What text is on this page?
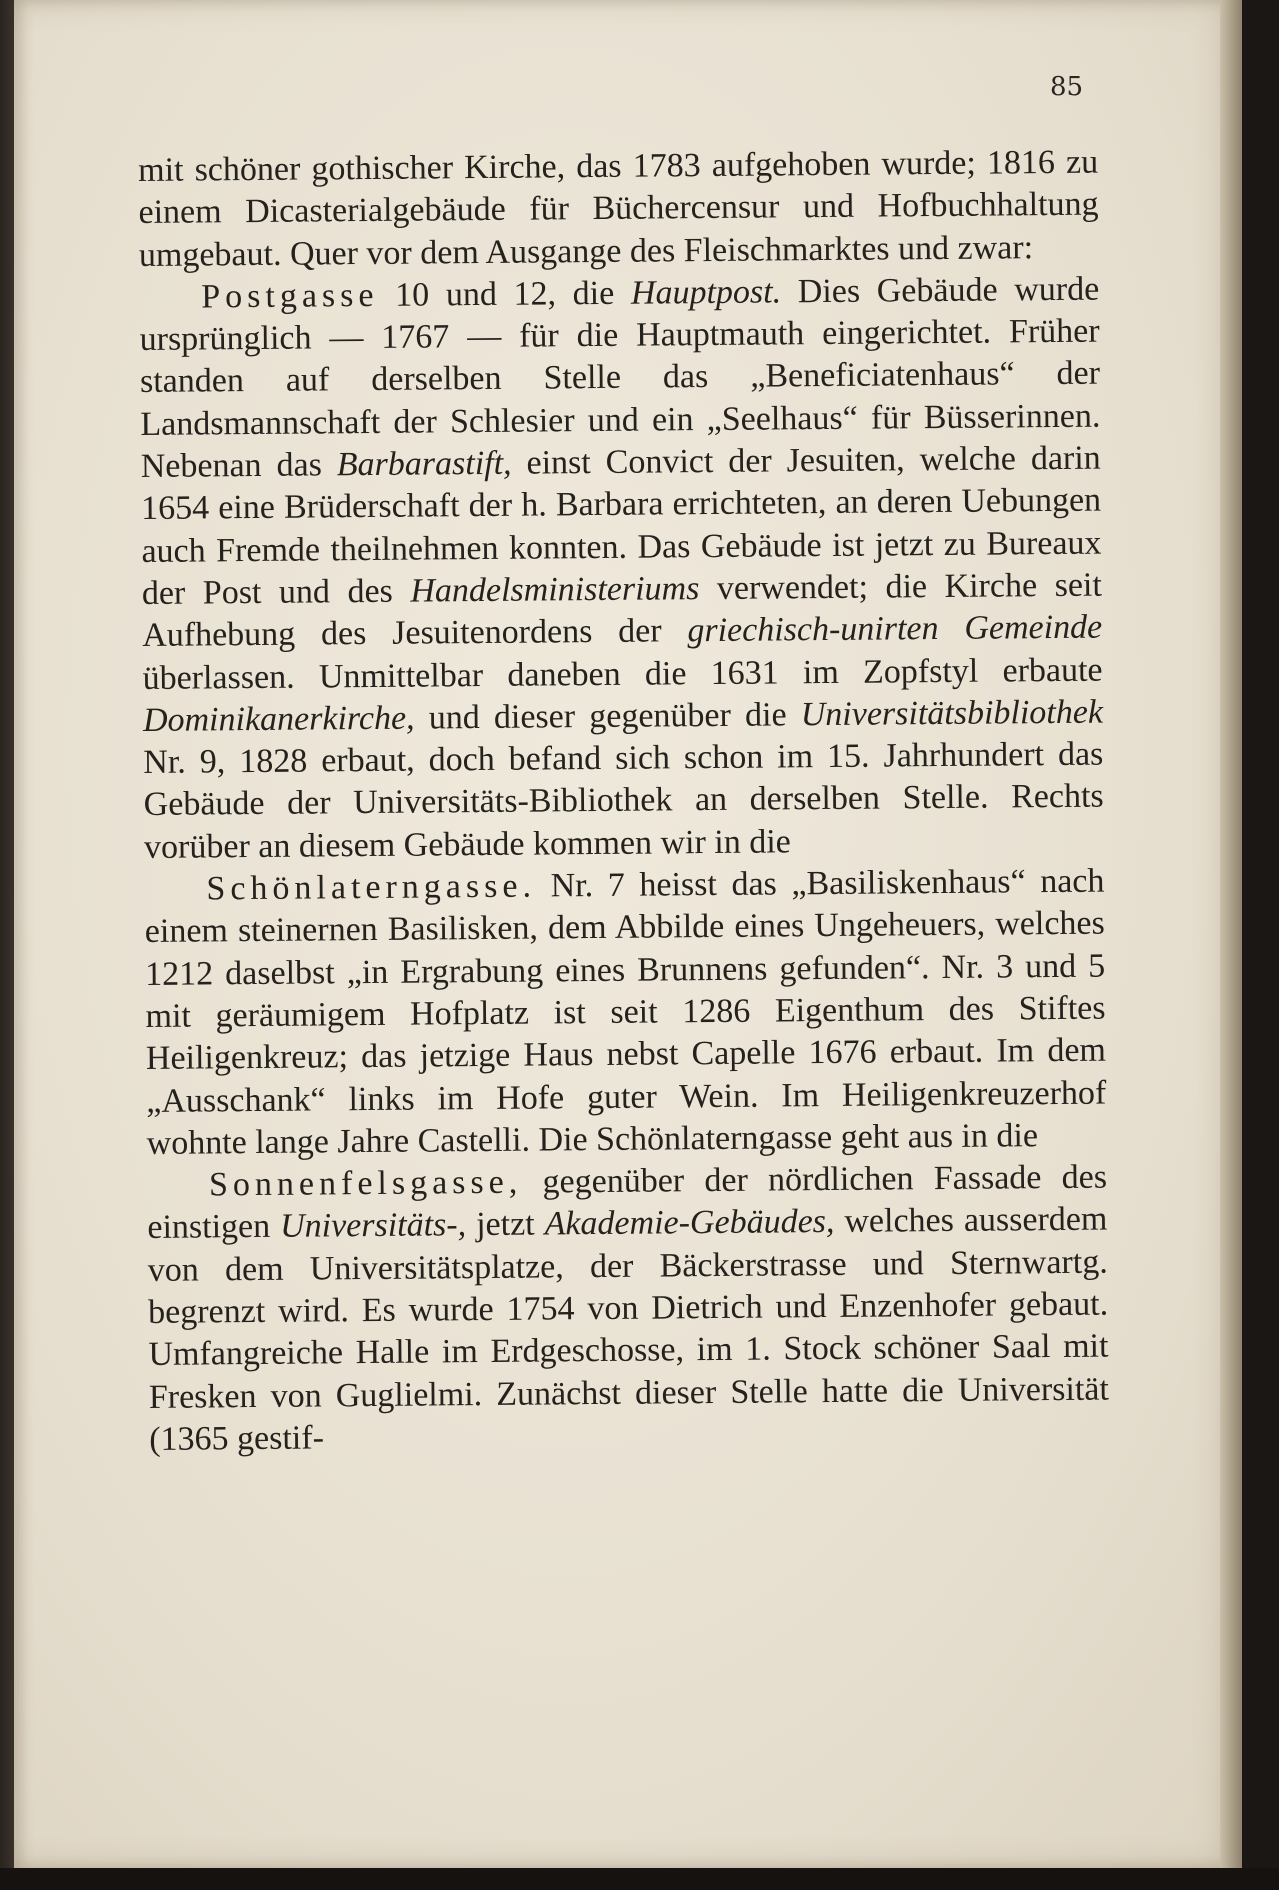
85

mit schöner gothischer Kirche, das 1783 aufgehoben wurde; 1816 zu einem Dicasterialgebäude für Büchercensur und Hofbuchhaltung umgebaut. Quer vor dem Ausgange des Fleischmarktes und zwar:

Postgasse 10 und 12, die Hauptpost. Dies Gebäude wurde ursprünglich — 1767 — für die Hauptmauth eingerichtet. Früher standen auf derselben Stelle das „Beneficiatenhaus“ der Landsmannschaft der Schlesier und ein „Seelhaus“ für Büsserinnen. Nebenan das Barbarastift, einst Convict der Jesuiten, welche darin 1654 eine Brüderschaft der h. Barbara errichteten, an deren Uebungen auch Fremde theilnehmen konnten. Das Gebäude ist jetzt zu Bureaux der Post und des Handelsministeriums verwendet; die Kirche seit Aufhebung des Jesuitenordens der griechisch-unirten Gemeinde überlassen. Unmittelbar daneben die 1631 im Zopfstyl erbaute Dominikanerkirche, und dieser gegenüber die Universitätsbibliothek Nr. 9, 1828 erbaut, doch befand sich schon im 15. Jahrhundert das Gebäude der Universitäts-Bibliothek an derselben Stelle. Rechts vorüber an diesem Gebäude kommen wir in die

Schönlaterngasse. Nr. 7 heisst das „Basiliskenhaus“ nach einem steinernen Basilisken, dem Abbilde eines Ungeheuers, welches 1212 daselbst „in Ergrabung eines Brunnens gefunden“. Nr. 3 und 5 mit geräumigem Hofplatz ist seit 1286 Eigenthum des Stiftes Heiligenkreuz; das jetzige Haus nebst Capelle 1676 erbaut. Im dem „Ausschank“ links im Hofe guter Wein. Im Heiligenkreuzerhof wohnte lange Jahre Castelli. Die Schönlaterngasse geht aus in die

Sonnenfelsgasse, gegenüber der nördlichen Fassade des einstigen Universitäts-, jetzt Akademie-Gebäudes, welches ausserdem von dem Universitätsplatze, der Bäckerstrasse und Sternwartg. begrenzt wird. Es wurde 1754 von Dietrich und Enzenhofer gebaut. Umfangreiche Halle im Erdgeschosse, im 1. Stock schöner Saal mit Fresken von Guglielmi. Zunächst dieser Stelle hatte die Universität (1365 gestif-
